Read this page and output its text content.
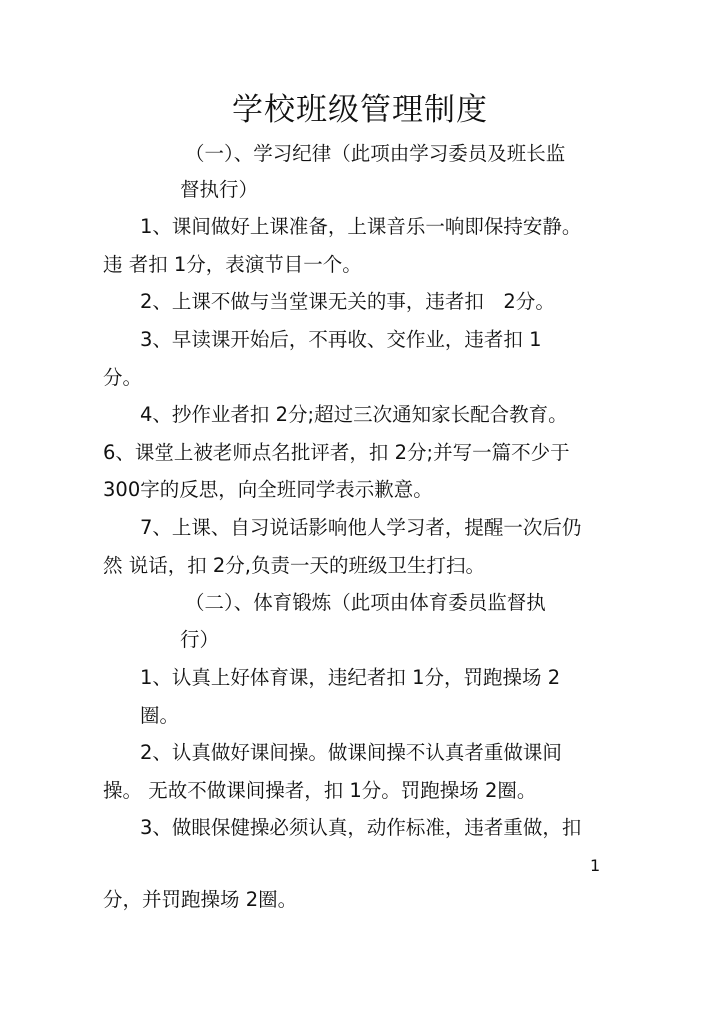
学校班级管理制度
（一）、学习纪律（此项由学习委员及班长监
督执行）
1、课间做好上课准备，上课音乐一响即保持安静。
违 者扣 1分，表演节目一个。
2、上课不做与当堂课无关的事，违者扣　2分。
3、早读课开始后，不再收、交作业，违者扣 1
分。
4、抄作业者扣 2分;超过三次通知家长配合教育。
6、课堂上被老师点名批评者，扣 2分;并写一篇不少于
300字的反思，向全班同学表示歉意。
7、上课、自习说话影响他人学习者，提醒一次后仍
然 说话，扣 2分,负责一天的班级卫生打扫。
（二）、体育锻炼（此项由体育委员监督执
行）
1、认真上好体育课，违纪者扣 1分，罚跑操场 2
圈。
2、认真做好课间操。做课间操不认真者重做课间
操。 无故不做课间操者，扣 1分。罚跑操场 2圈。
3、做眼保健操必须认真，动作标准，违者重做，扣
1
分，并罚跑操场 2圈。
